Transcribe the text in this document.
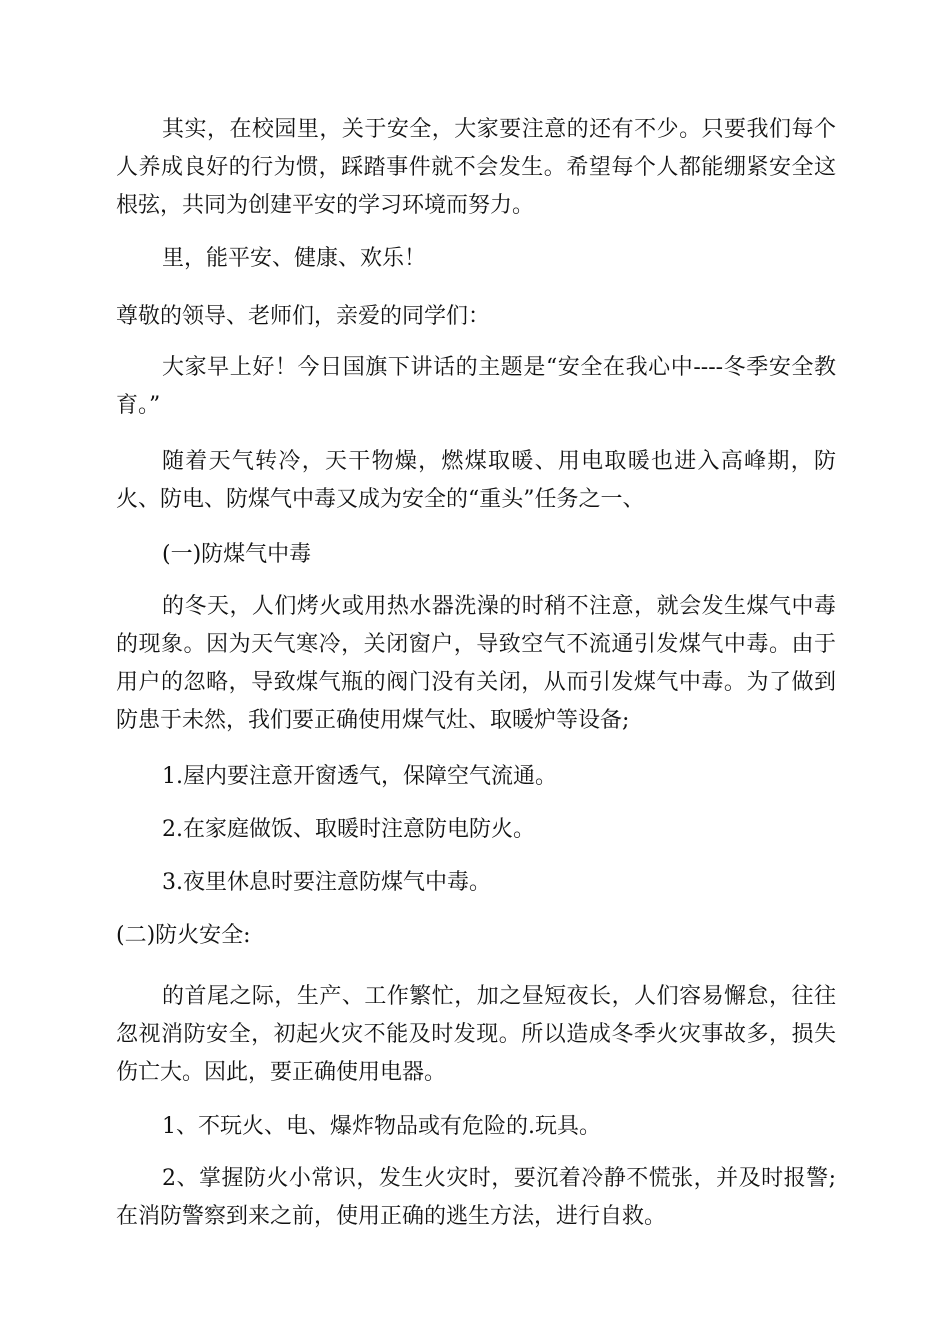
其实，在校园里，关于安全，大家要注意的还有不少。只要我们每个人养成良好的行为惯，踩踏事件就不会发生。希望每个人都能绷紧安全这根弦，共同为创建平安的学习环境而努力。

里，能平安、健康、欢乐！

尊敬的领导、老师们，亲爱的同学们：

大家早上好！今日国旗下讲话的主题是“安全在我心中----冬季安全教育。”

随着天气转冷，天干物燥，燃煤取暖、用电取暖也进入高峰期，防火、防电、防煤气中毒又成为安全的“重头”任务之一、

(一)防煤气中毒

的冬天，人们烤火或用热水器洗澡的时稍不注意，就会发生煤气中毒的现象。因为天气寒冷，关闭窗户，导致空气不流通引发煤气中毒。由于用户的忽略，导致煤气瓶的阀门没有关闭，从而引发煤气中毒。为了做到防患于未然，我们要正确使用煤气灶、取暖炉等设备;

1.屋内要注意开窗透气，保障空气流通。

2.在家庭做饭、取暖时注意防电防火。

3.夜里休息时要注意防煤气中毒。

(二)防火安全:

的首尾之际，生产、工作繁忙，加之昼短夜长，人们容易懈怠，往往忽视消防安全，初起火灾不能及时发现。所以造成冬季火灾事故多，损失伤亡大。因此，要正确使用电器。

1、不玩火、电、爆炸物品或有危险的.玩具。

2、掌握防火小常识，发生火灾时，要沉着冷静不慌张，并及时报警;在消防警察到来之前，使用正确的逃生方法，进行自救。
